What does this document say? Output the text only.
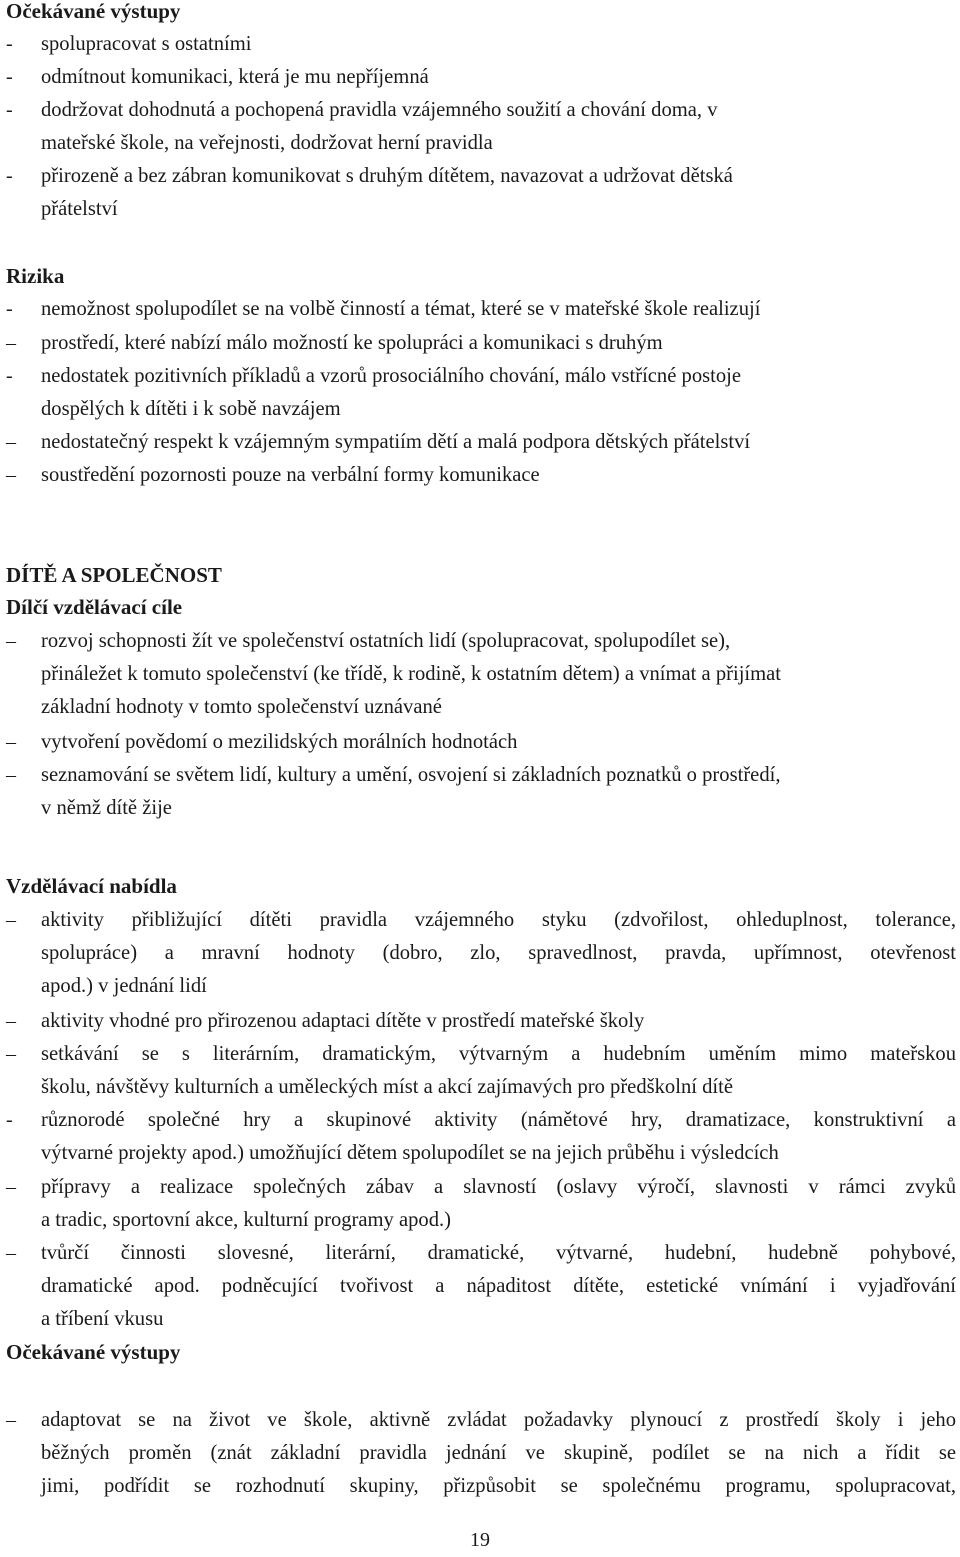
Očekávané výstupy
-	spolupracovat s ostatními
-	odmítnout komunikaci, která je mu nepříjemná
-	dodržovat dohodnutá a pochopená pravidla vzájemného soužití a chování doma, v
mateřské škole, na veřejnosti, dodržovat herní pravidla
-	přirozeně a bez zábran komunikovat s druhým dítětem, navazovat a udržovat dětská
přátelství
Rizika
-	nemožnost spolupodílet se na volbě činností a témat, které se v mateřské škole realizují
–	prostředí, které nabízí málo možností ke spolupráci a komunikaci s druhým
-	nedostatek pozitivních příkladů a vzorů prosociálního chování, málo vstřícné postoje
dospělých k dítěti i k sobě navzájem
–	nedostatečný respekt k vzájemným sympatiím dětí a malá podpora dětských přátelství
–	soustředění pozornosti pouze na verbální formy komunikace
DÍTĚ A SPOLEČNOST
Dílčí vzdělávací cíle
–	rozvoj schopnosti žít ve společenství ostatních lidí (spolupracovat, spolupodílet se),
přináležet k tomuto společenství (ke třídě, k rodině, k ostatním dětem) a vnímat a přijímat
základní hodnoty v tomto společenství uznávané
–	vytvoření povědomí o mezilidských morálních hodnotách
–	seznamování se světem lidí, kultury a umění, osvojení si základních poznatků o prostředí,
v němž dítě žije
Vzdělávací nabídla
–	aktivity přibližující dítěti pravidla vzájemného styku (zdvořilost, ohleduplnost, tolerance,
spolupráce) a mravní hodnoty (dobro, zlo, spravedlnost, pravda, upřímnost, otevřenost
apod.) v jednání lidí
–	aktivity vhodné pro přirozenou adaptaci dítěte v prostředí mateřské školy
–	setkávání se s literárním, dramatickým, výtvarným a hudebním uměním mimo mateřskou
školu, návštěvy kulturních a uměleckých míst a akcí zajímavých pro předškolní dítě
-	různorodé společné hry a skupinové aktivity (námětové hry, dramatizace, konstruktivní a
výtvarné projekty apod.) umožňující dětem spolupodílet se na jejich průběhu i výsledcích
–	přípravy a realizace společných zábav a slavností (oslavy výročí, slavnosti v rámci zvyků
a tradic, sportovní akce, kulturní programy apod.)
–	tvůrčí činnosti slovesné, literární, dramatické, výtvarné, hudební, hudebně pohybové,
dramatické apod. podněcující tvořivost a nápaditost dítěte, estetické vnímání i vyjadřování
a tříbení vkusu
Očekávané výstupy
–	adaptovat se na život ve škole, aktivně zvládat požadavky plynoucí z prostředí školy i jeho
běžných proměn (znát základní pravidla jednání ve skupině, podílet se na nich a řídit se
jimi, podřídit se rozhodnutí skupiny, přizpůsobit se společnému programu, spolupracovat,
19
